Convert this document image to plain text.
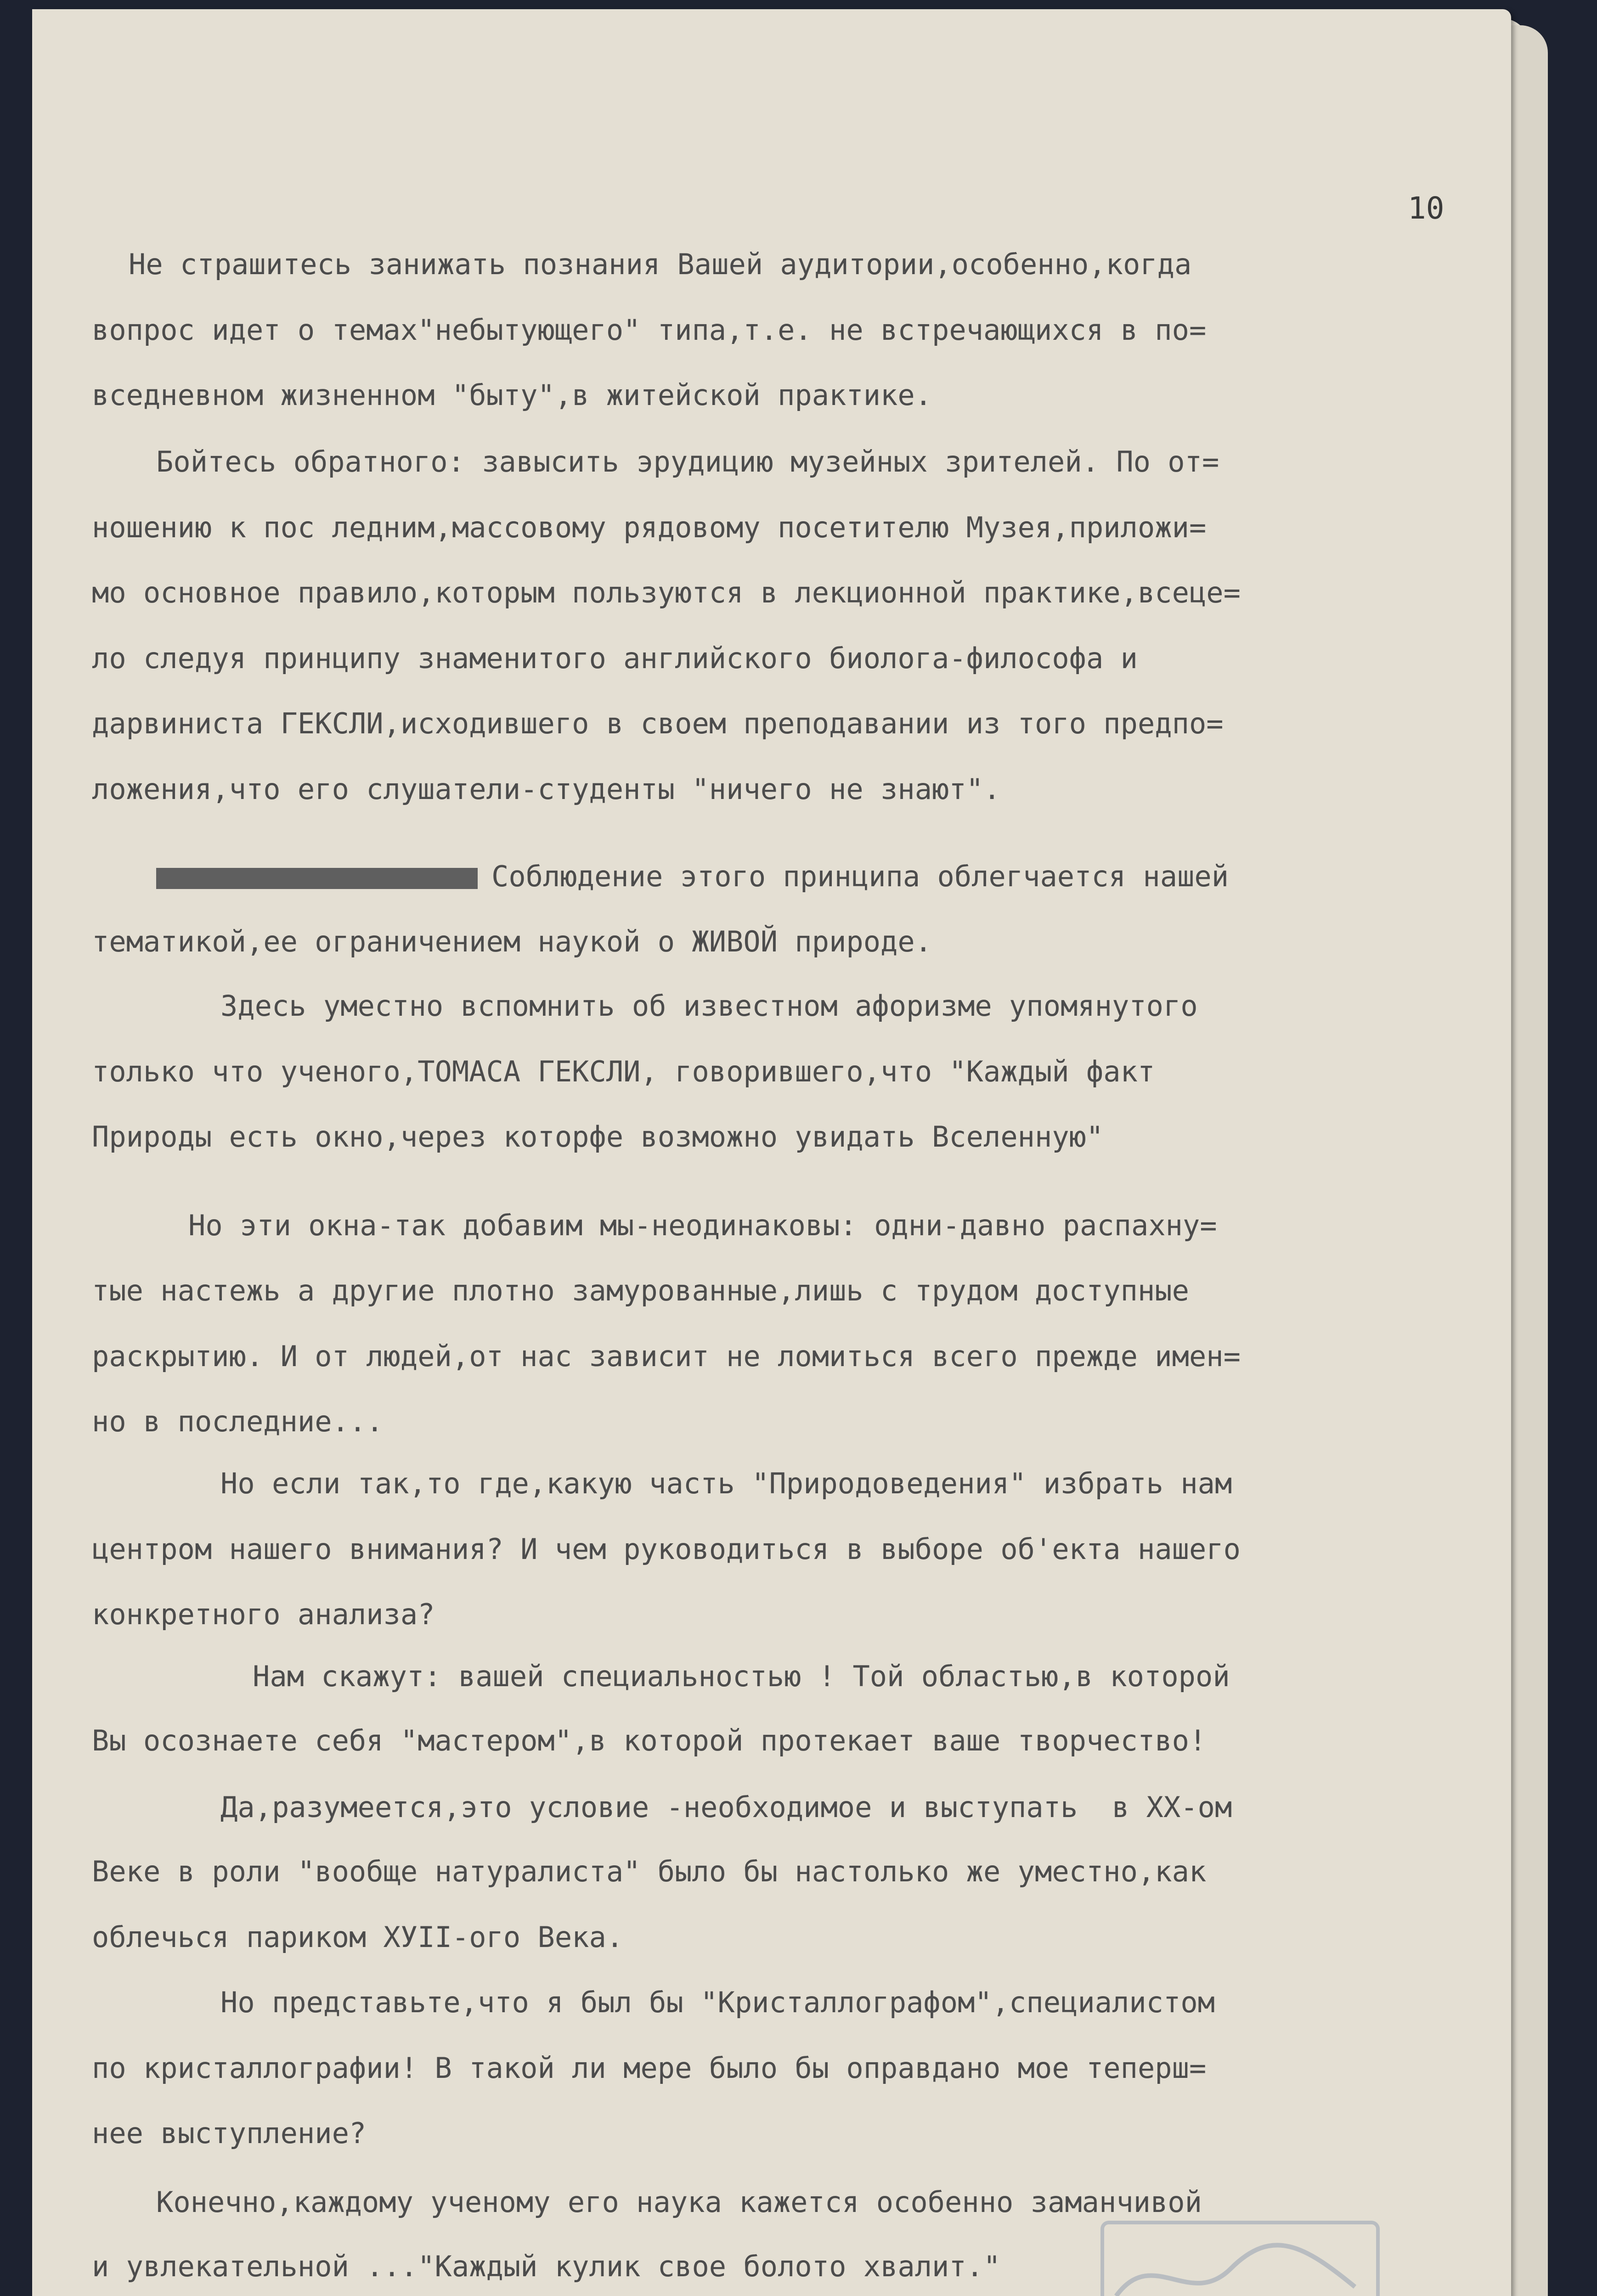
10
Не страшитесь занижать познания Вашей аудитории,особенно,когда
вопрос идет о темах"небытующего" типа,т.е. не встречающихся в по=
вседневном жизненном "быту",в житейской практике.
Бойтесь обратного: завысить эрудицию музейных зрителей. По от=
ношению к пос ледним,массовому рядовому посетителю Музея,приложи=
мо основное правило,которым пользуются в лекционной практике,всеце=
ло следуя принципу знаменитого английского биолога-философа и
дарвиниста ГЕКСЛИ,исходившего в своем преподавании из того предпо=
ложения,что его слушатели-студенты "ничего не знают".
Соблюдение этого принципа облегчается нашей
тематикой,ее ограничением наукой о ЖИВОЙ природе.
Здесь уместно вспомнить об известном афоризме упомянутого
только что ученого,ТОМАСА ГЕКСЛИ, говорившего,что "Каждый факт
Природы есть окно,через которфе возможно увидать Вселенную"
Но эти окна-так добавим мы-неодинаковы: одни-давно распахну=
тые настежь а другие плотно замурованные,лишь с трудом доступные
раскрытию. И от людей,от нас зависит не ломиться всего прежде имен=
но в последние...
Но если так,то где,какую часть "Природоведения" избрать нам
центром нашего внимания? И чем руководиться в выборе об'екта нашего
конкретного анализа?
Нам скажут: вашей специальностью ! Той областью,в которой
Вы осознаете себя "мастером",в которой протекает ваше творчество!
Да,разумеется,это условие -необходимое и выступать  в XX-ом
Веке в роли "вообще натуралиста" было бы настолько же уместно,как
облечься париком XУII-ого Века.
Но представьте,что я был бы "Кристаллографом",специалистом
по кристаллографии! В такой ли мере было бы оправдано мое теперш=
нее выступление?
Конечно,каждому ученому его наука кажется особенно заманчивой
и увлекательной ..."Каждый кулик свое болото хвалит."
